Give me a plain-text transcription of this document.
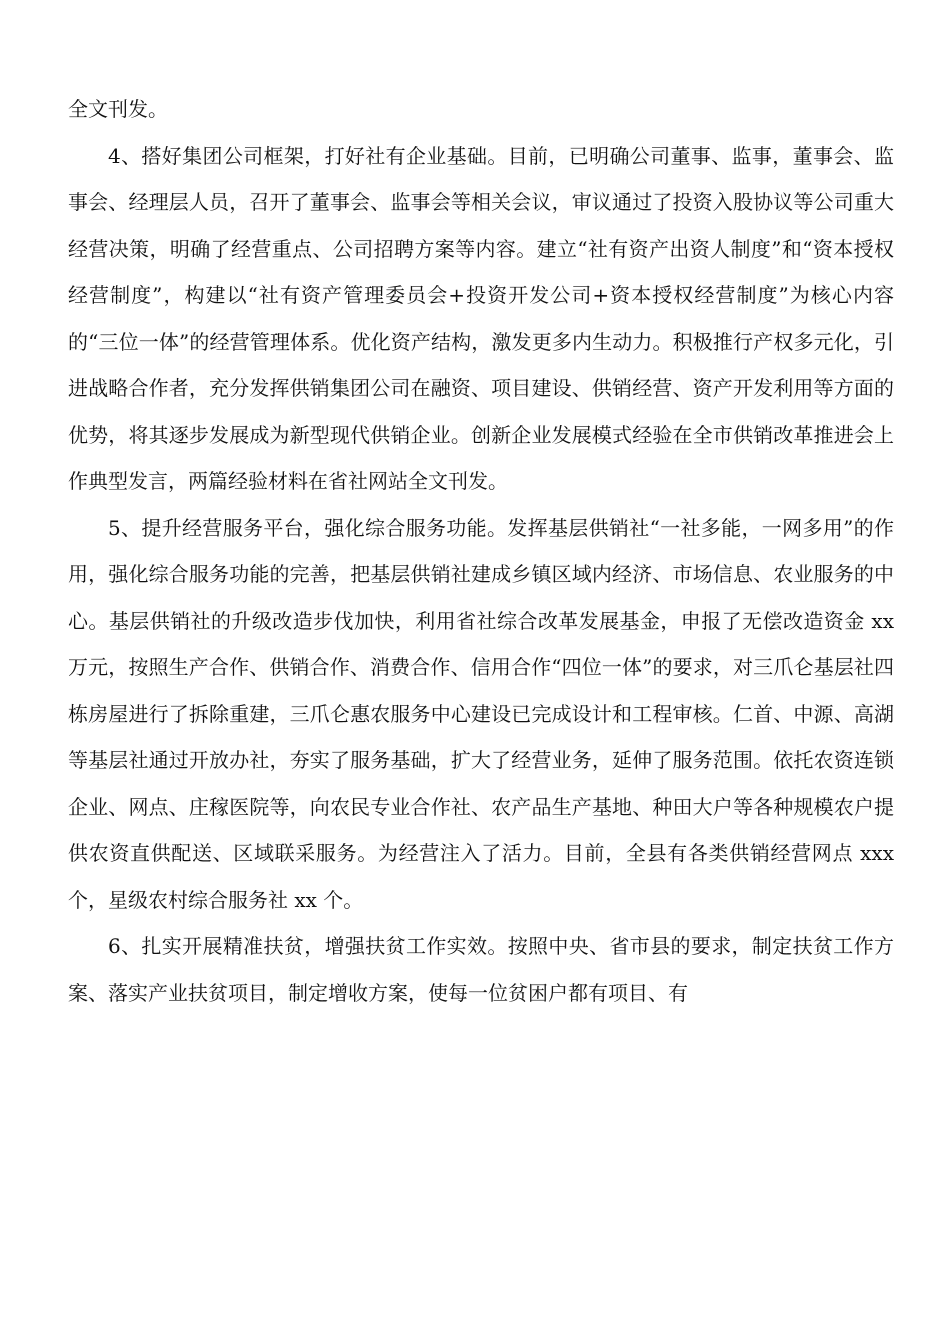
全文刊发。

4、搭好集团公司框架，打好社有企业基础。目前，已明确公司董事、监事，董事会、监事会、经理层人员，召开了董事会、监事会等相关会议，审议通过了投资入股协议等公司重大经营决策，明确了经营重点、公司招聘方案等内容。建立“社有资产出资人制度”和“资本授权经营制度”，构建以“社有资产管理委员会+投资开发公司+资本授权经营制度”为核心内容的“三位一体”的经营管理体系。优化资产结构，激发更多内生动力。积极推行产权多元化，引进战略合作者，充分发挥供销集团公司在融资、项目建设、供销经营、资产开发利用等方面的优势，将其逐步发展成为新型现代供销企业。创新企业发展模式经验在全市供销改革推进会上作典型发言，两篇经验材料在省社网站全文刊发。

5、提升经营服务平台，强化综合服务功能。发挥基层供销社“一社多能，一网多用”的作用，强化综合服务功能的完善，把基层供销社建成乡镇区域内经济、市场信息、农业服务的中心。基层供销社的升级改造步伐加快，利用省社综合改革发展基金，申报了无偿改造资金 xx 万元，按照生产合作、供销合作、消费合作、信用合作“四位一体”的要求，对三爪仑基层社四栋房屋进行了拆除重建，三爪仑惠农服务中心建设已完成设计和工程审核。仁首、中源、高湖等基层社通过开放办社，夯实了服务基础，扩大了经营业务，延伸了服务范围。依托农资连锁企业、网点、庄稼医院等，向农民专业合作社、农产品生产基地、种田大户等各种规模农户提供农资直供配送、区域联采服务。为经营注入了活力。目前，全县有各类供销经营网点 xxx 个，星级农村综合服务社 xx 个。

6、扎实开展精准扶贫，增强扶贫工作实效。按照中央、省市县的要求，制定扶贫工作方案、落实产业扶贫项目，制定增收方案，使每一位贫困户都有项目、有
